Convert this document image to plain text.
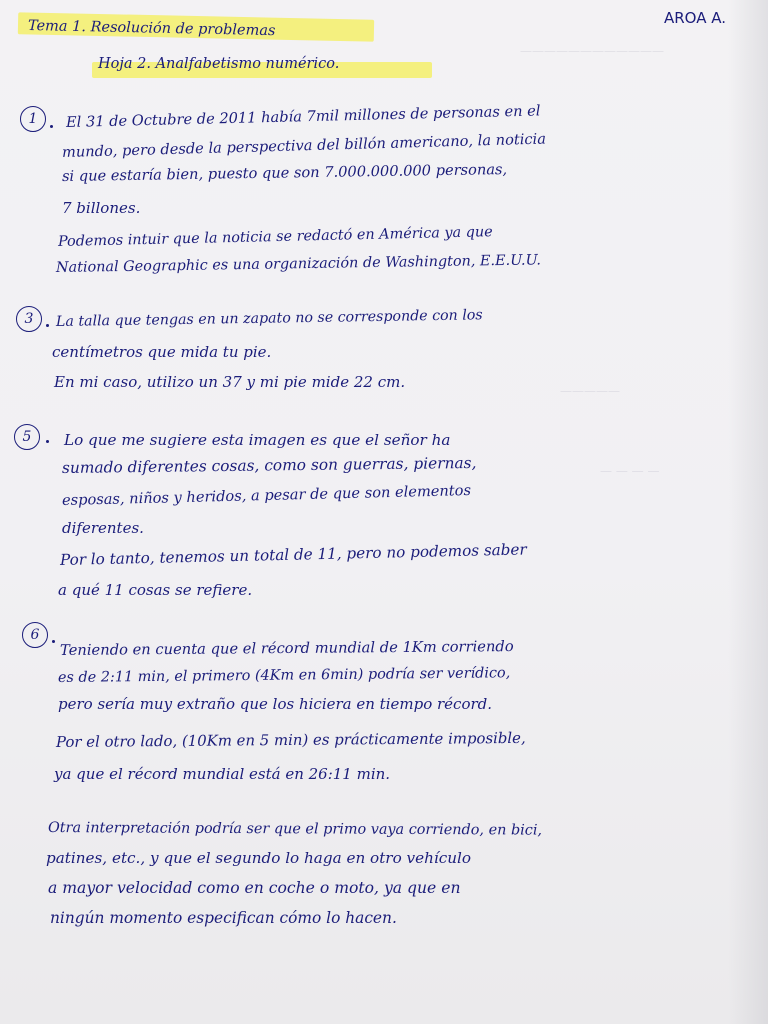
————————————
—————
— — — —

Tema 1. Resolución de problemas

AROA A.

Hoja 2. Analfabetismo numérico.

1	El 31 de Octubre de 2011 había 7mil millones de personas en el

mundo, pero desde la perspectiva del billón americano, la noticia

si que estaría bien, puesto que son 7.000.000.000 personas,

7 billones.

Podemos intuir que la noticia se redactó en América ya que

National Geographic es una organización de Washington, E.E.U.U.

3	La talla que tengas en un zapato no se corresponde con los

centímetros que mida tu pie.

En mi caso, utilizo un 37 y mi pie mide 22 cm.

5	Lo que me sugiere esta imagen es que el señor ha

sumado diferentes cosas, como son guerras, piernas,

esposas, niños y heridos, a pesar de que son elementos

diferentes.

Por lo tanto, tenemos un total de 11, pero no podemos saber

a qué 11 cosas se refiere.

6

Teniendo en cuenta que el récord mundial de 1Km corriendo

es de 2:11 min, el primero (4Km en 6min) podría ser verídico,

pero sería muy extraño que los hiciera en tiempo récord.

Por el otro lado, (10Km en 5 min) es prácticamente imposible,

ya que el récord mundial está en 26:11 min.

Otra interpretación podría ser que el primo vaya corriendo, en bici,

patines, etc., y que el segundo lo haga en otro vehículo

a mayor velocidad como en coche o moto, ya que en

ningún momento especifican cómo lo hacen.
